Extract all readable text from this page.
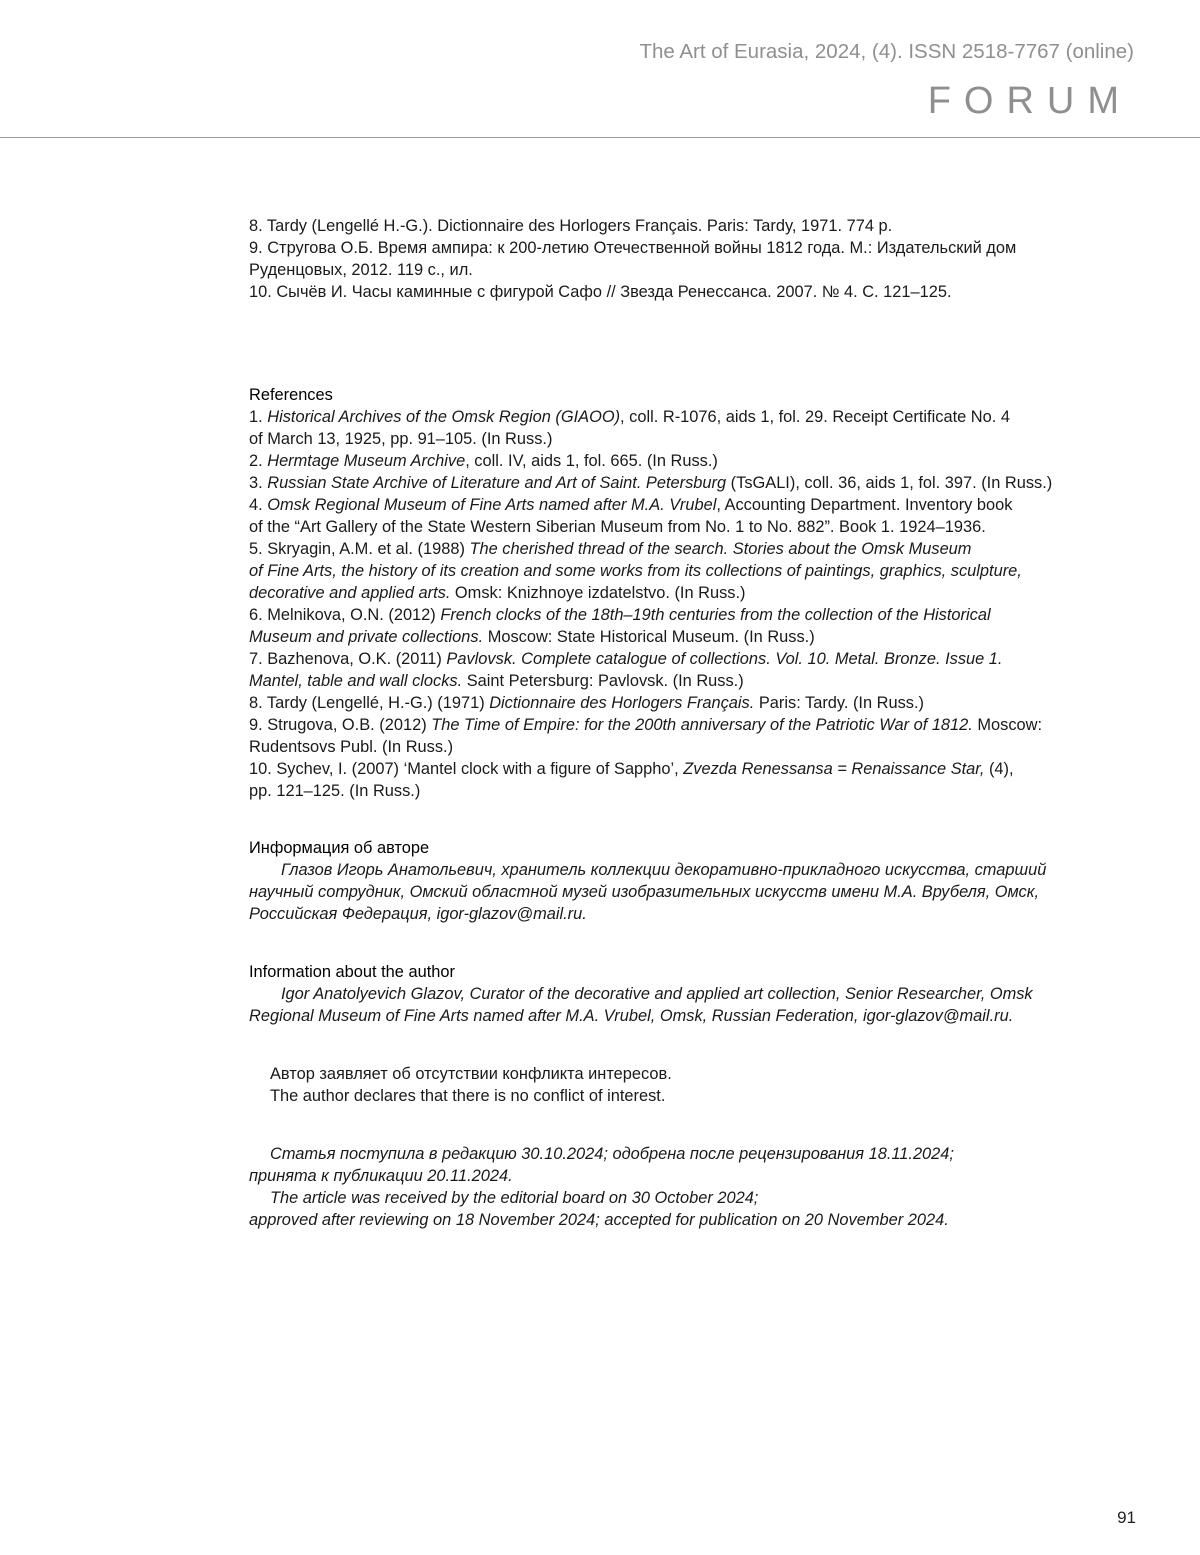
The Art of Eurasia, 2024, (4). ISSN 2518-7767 (online)
FORUM
8. Tardy (Lengellé H.-G.). Dictionnaire des Horlogers Français. Paris: Tardy, 1971. 774 p.
9. Стругова О.Б. Время ампира: к 200-летию Отечественной войны 1812 года. М.: Издательский дом
Руденцовых, 2012. 119 с., ил.
10. Сычёв И. Часы каминные с фигурой Сафо // Звезда Ренессанса. 2007. № 4. С. 121–125.
References
1. Historical Archives of the Omsk Region (GIAOO), coll. R-1076, aids 1, fol. 29. Receipt Certificate No. 4
of March 13, 1925, pp. 91–105. (In Russ.)
2. Hermtage Museum Archive, coll. IV, aids 1, fol. 665. (In Russ.)
3. Russian State Archive of Literature and Art of Saint. Petersburg (TsGALI), coll. 36, aids 1, fol. 397. (In Russ.)
4. Omsk Regional Museum of Fine Arts named after M.A. Vrubel, Accounting Department. Inventory book
of the “Art Gallery of the State Western Siberian Museum from No. 1 to No. 882”. Book 1. 1924–1936.
5. Skryagin, A.M. et al. (1988) The cherished thread of the search. Stories about the Omsk Museum
of Fine Arts, the history of its creation and some works from its collections of paintings, graphics, sculpture,
decorative and applied arts. Omsk: Knizhnoye izdatelstvo. (In Russ.)
6. Melnikova, O.N. (2012) French clocks of the 18th–19th centuries from the collection of the Historical
Museum and private collections. Moscow: State Historical Museum. (In Russ.)
7. Bazhenova, O.K. (2011) Pavlovsk. Complete catalogue of collections. Vol. 10. Metal. Bronze. Issue 1.
Mantel, table and wall clocks. Saint Petersburg: Pavlovsk. (In Russ.)
8. Tardy (Lengellé, H.-G.) (1971) Dictionnaire des Horlogers Français. Paris: Tardy. (In Russ.)
9. Strugova, O.B. (2012) The Time of Empire: for the 200th anniversary of the Patriotic War of 1812. Moscow:
Rudentsovs Publ. (In Russ.)
10. Sychev, I. (2007) ‘Mantel clock with a figure of Sappho’, Zvezda Renessansa = Renaissance Star, (4),
pp. 121–125. (In Russ.)
Информация об авторе
Глазов Игорь Анатольевич, хранитель коллекции декоративно-прикладного искусства, старший
научный сотрудник, Омский областной музей изобразительных искусств имени М.А. Врубеля, Омск,
Российская Федерация, igor-glazov@mail.ru.
Information about the author
Igor Anatolyevich Glazov, Curator of the decorative and applied art collection, Senior Researcher, Omsk
Regional Museum of Fine Arts named after M.A. Vrubel, Omsk, Russian Federation, igor-glazov@mail.ru.
Автор заявляет об отсутствии конфликта интересов.
The author declares that there is no conflict of interest.
Статья поступила в редакцию 30.10.2024; одобрена после рецензирования 18.11.2024;
принята к публикации 20.11.2024.
The article was received by the editorial board on 30 October 2024;
approved after reviewing on 18 November 2024; accepted for publication on 20 November 2024.
91
